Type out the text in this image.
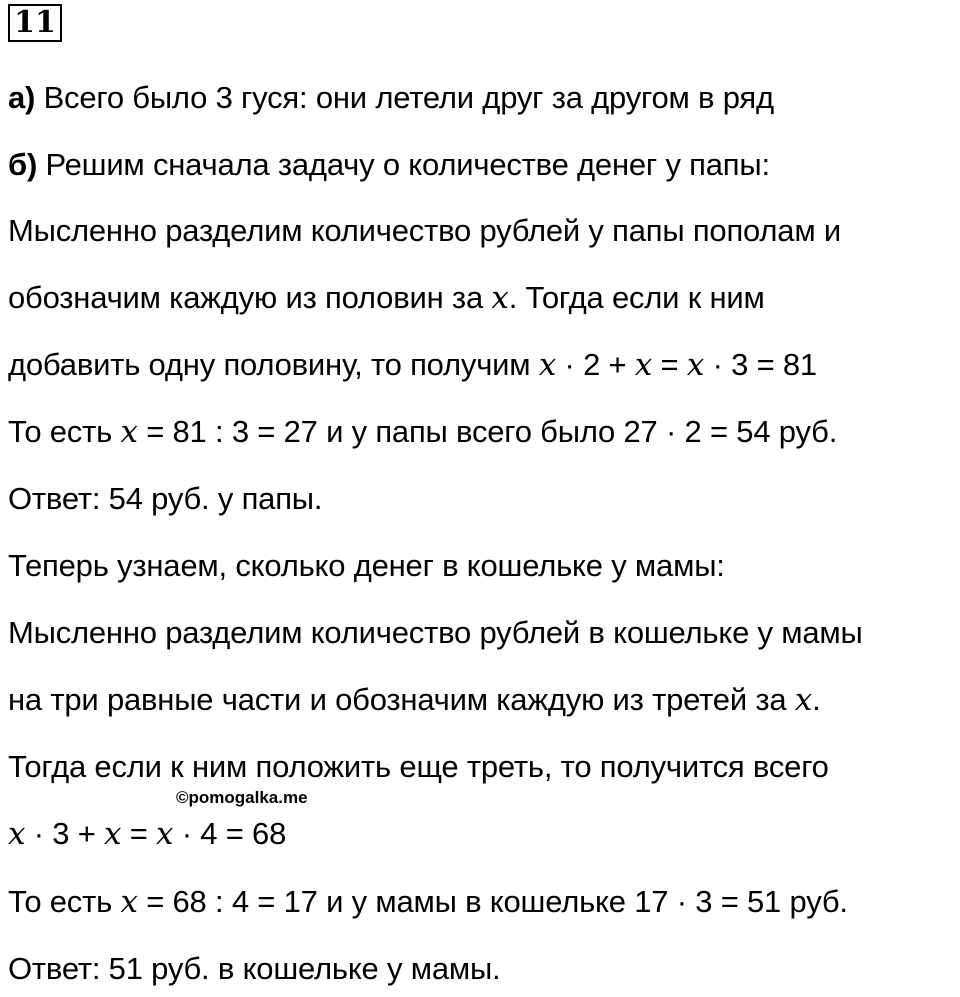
11
а) Всего было 3 гуся: они летели друг за другом в ряд
б) Решим сначала задачу о количестве денег у папы:
Мысленно разделим количество рублей у папы пополам и
обозначим каждую из половин за x. Тогда если к ним
добавить одну половину, то получим x · 2 + x = x · 3 = 81
То есть x = 81 : 3 = 27 и у папы всего было 27 · 2 = 54 руб.
Ответ: 54 руб. у папы.
Теперь узнаем, сколько денег в кошельке у мамы:
Мысленно разделим количество рублей в кошельке у мамы
на три равные части и обозначим каждую из третей за x.
Тогда если к ним положить еще треть, то получится всего
©pomogalka.me
x · 3 + x = x · 4 = 68
То есть x = 68 : 4 = 17 и у мамы в кошельке 17 · 3 = 51 руб.
Ответ: 51 руб. в кошельке у мамы.
